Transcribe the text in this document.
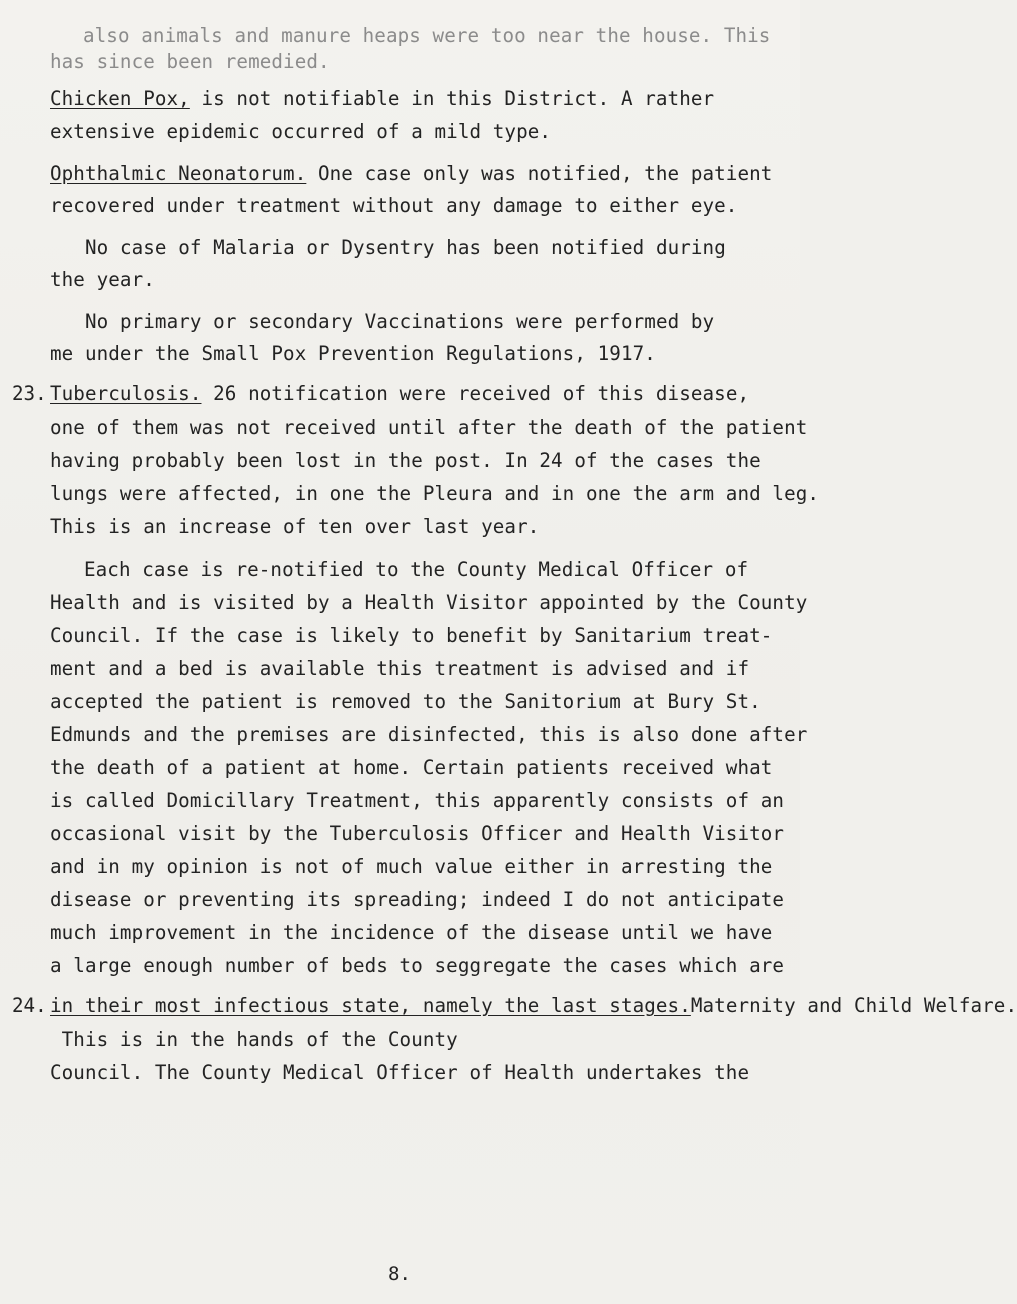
also animals and manure heaps were too near the house. This
has since been remedied.
Chicken Pox, is not notifiable in this District. A rather
extensive epidemic occurred of a mild type.
Ophthalmic Neonatorum. One case only was notified, the patient
recovered under treatment without any damage to either eye.
No case of Malaria or Dysentry has been notified during
the year.
No primary or secondary Vaccinations were performed by
me under the Small Pox Prevention Regulations, 1917.
23. Tuberculosis. 26 notification were received of this disease,
one of them was not received until after the death of the patient
having probably been lost in the post. In 24 of the cases the
lungs were affected, in one the Pleura and in one the arm and leg.
This is an increase of ten over last year.
Each case is re-notified to the County Medical Officer of
Health and is visited by a Health Visitor appointed by the County
Council. If the case is likely to benefit by Sanitarium treat-
ment and a bed is available this treatment is advised and if
accepted the patient is removed to the Sanitorium at Bury St.
Edmunds and the premises are disinfected, this is also done after
the death of a patient at home. Certain patients received what
is called Domicillary Treatment, this apparently consists of an
occasional visit by the Tuberculosis Officer and Health Visitor
and in my opinion is not of much value either in arresting the
disease or preventing its spreading; indeed I do not anticipate
much improvement in the incidence of the disease until we have
a large enough number of beds to seggregate the cases which are
24. in their most infectious state, namely the last stages.Maternity and Child Welfare.
This is in the hands of the County
Council. The County Medical Officer of Health undertakes the
8.
